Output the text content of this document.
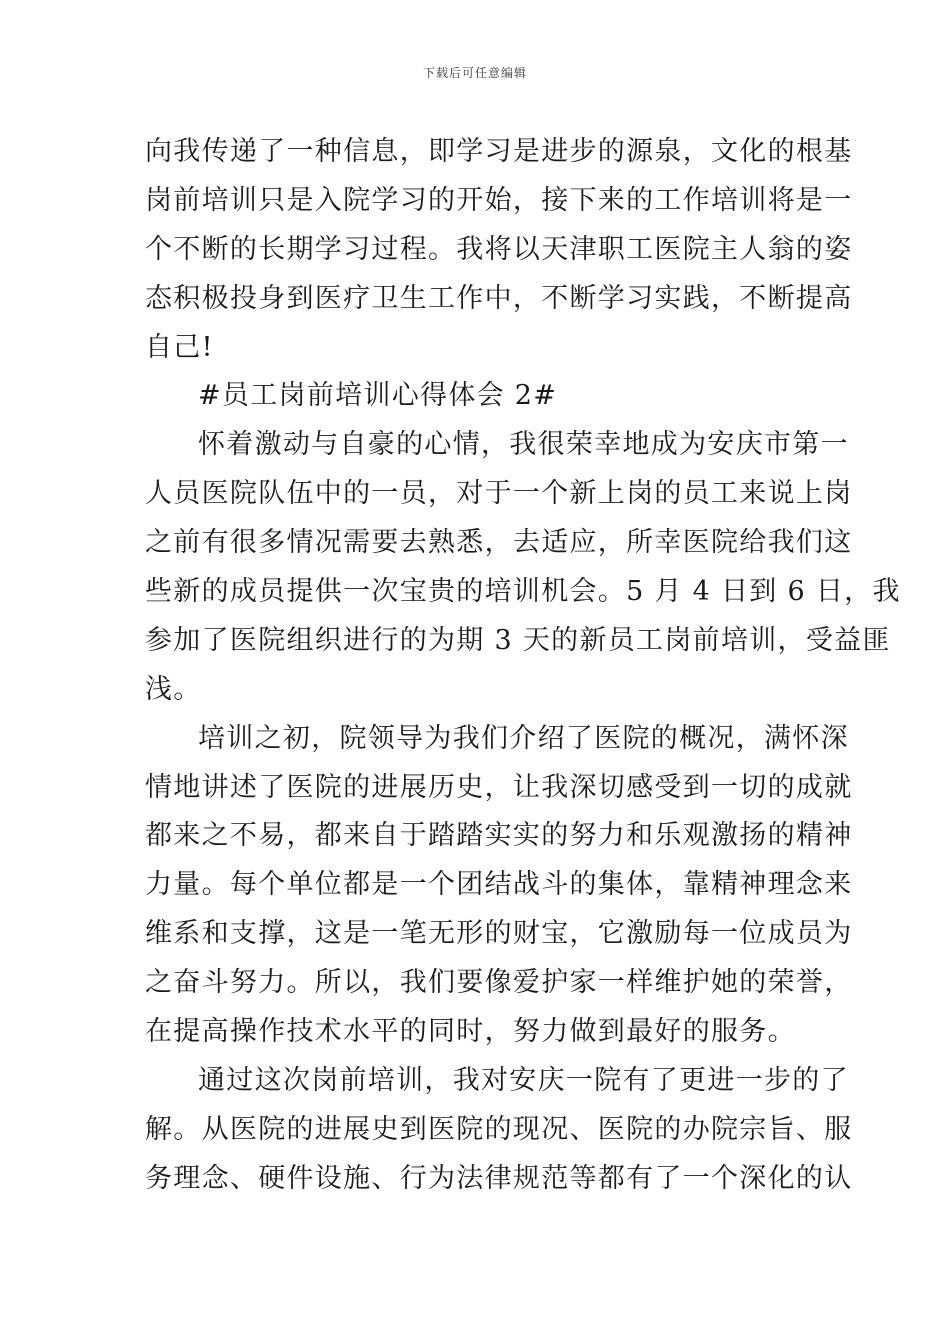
下载后可任意编辑
向我传递了一种信息，即学习是进步的源泉，文化的根基
岗前培训只是入院学习的开始，接下来的工作培训将是一
个不断的长期学习过程。我将以天津职工医院主人翁的姿
态积极投身到医疗卫生工作中，不断学习实践，不断提高
自己!
#员工岗前培训心得体会 2#
怀着激动与自豪的心情，我很荣幸地成为安庆市第一
人员医院队伍中的一员，对于一个新上岗的员工来说上岗
之前有很多情况需要去熟悉，去适应，所幸医院给我们这
些新的成员提供一次宝贵的培训机会。5 月 4 日到 6 日，我
参加了医院组织进行的为期 3 天的新员工岗前培训，受益匪
浅。
培训之初，院领导为我们介绍了医院的概况，满怀深
情地讲述了医院的进展历史，让我深切感受到一切的成就
都来之不易，都来自于踏踏实实的努力和乐观激扬的精神
力量。每个单位都是一个团结战斗的集体，靠精神理念来
维系和支撑，这是一笔无形的财宝，它激励每一位成员为
之奋斗努力。所以，我们要像爱护家一样维护她的荣誉，
在提高操作技术水平的同时，努力做到最好的服务。
通过这次岗前培训，我对安庆一院有了更进一步的了
解。从医院的进展史到医院的现况、医院的办院宗旨、服
务理念、硬件设施、行为法律规范等都有了一个深化的认
